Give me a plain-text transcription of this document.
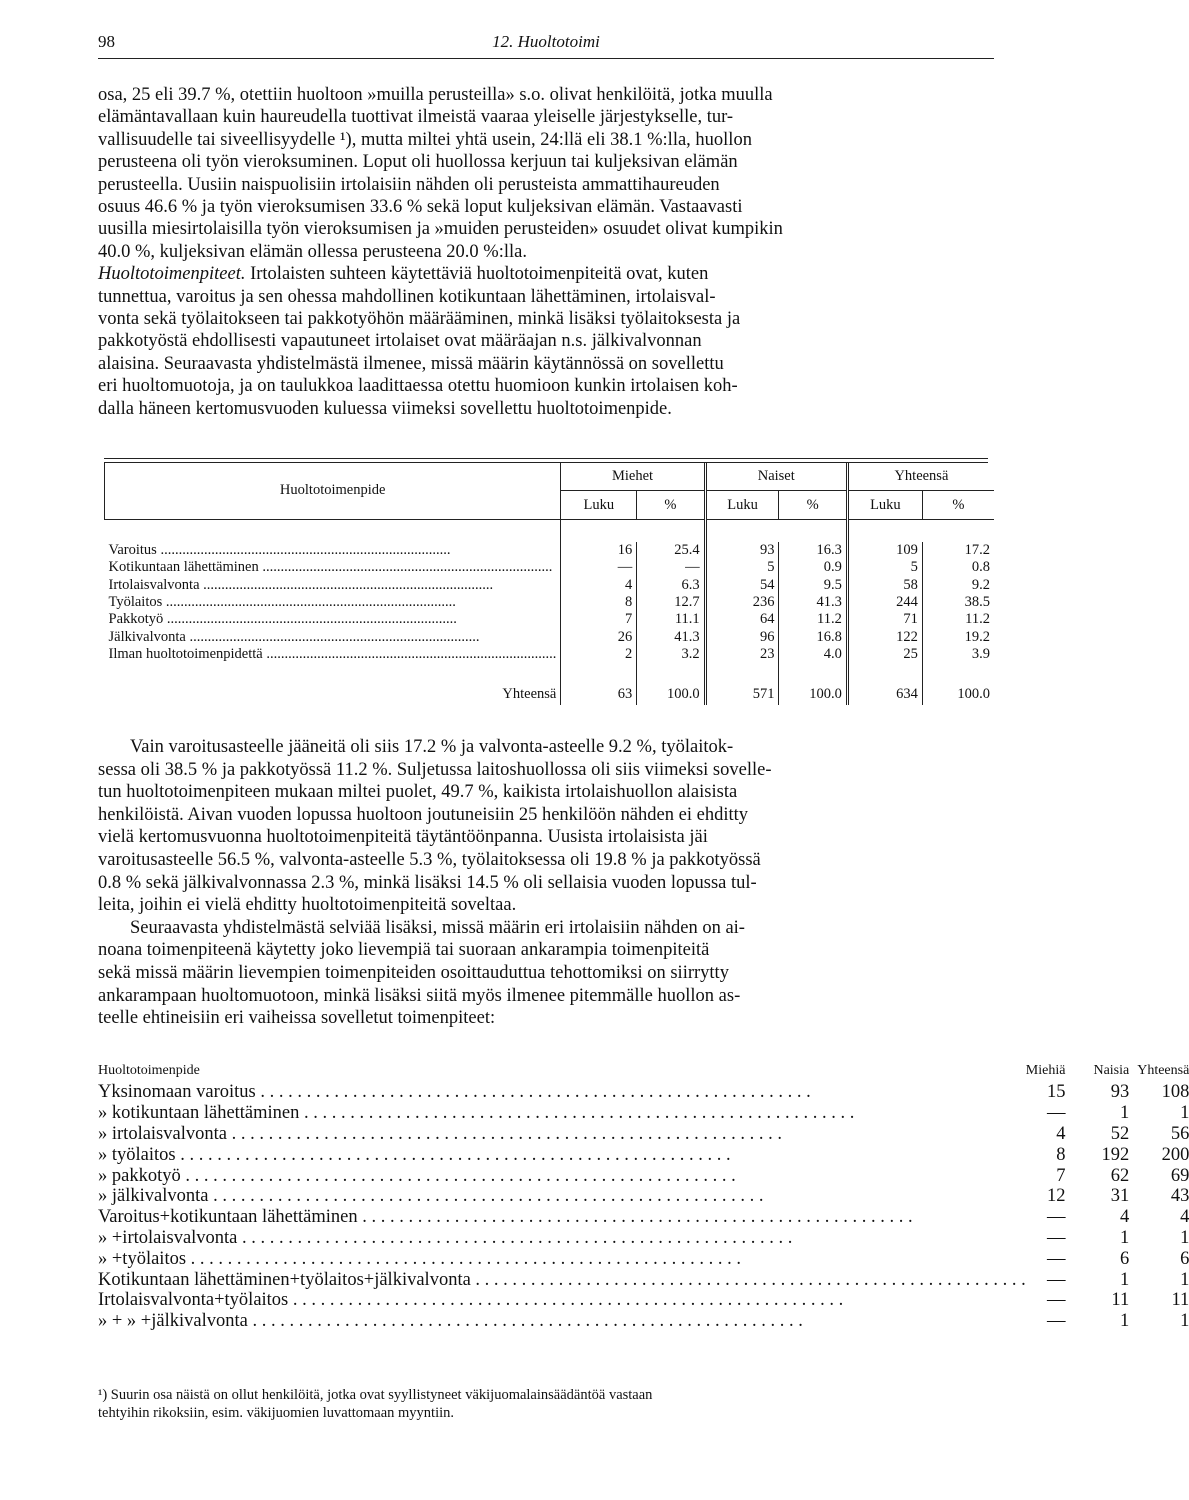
98	12. Huoltotoimi

osa, 25 eli 39.7 %, otettiin huoltoon »muilla perusteilla» s.o. olivat henkilöitä, jotka muulla

elämäntavallaan kuin haureudella tuottivat ilmeistä vaaraa yleiselle järjestykselle, tur-

vallisuudelle tai siveellisyydelle ¹), mutta miltei yhtä usein, 24:llä eli 38.1 %:lla, huollon

perusteena oli työn vieroksuminen. Loput oli huollossa kerjuun tai kuljeksivan elämän

perusteella. Uusiin naispuolisiin irtolaisiin nähden oli perusteista ammattihaureuden

osuus 46.6 % ja työn vieroksumisen 33.6 % sekä loput kuljeksivan elämän. Vastaavasti

uusilla miesirtolaisilla työn vieroksumisen ja »muiden perusteiden» osuudet olivat kumpikin

40.0 %, kuljeksivan elämän ollessa perusteena 20.0 %:lla.

Huoltotoimenpiteet. Irtolaisten suhteen käytettäviä huoltotoimenpiteitä ovat, kuten

tunnettua, varoitus ja sen ohessa mahdollinen kotikuntaan lähettäminen, irtolaisval-

vonta sekä työlaitokseen tai pakkotyöhön määrääminen, minkä lisäksi työlaitoksesta ja

pakkotyöstä ehdollisesti vapautuneet irtolaiset ovat määräajan n.s. jälkivalvonnan

alaisina. Seuraavasta yhdistelmästä ilmenee, missä määrin käytännössä on sovellettu

eri huoltomuotoja, ja on taulukkoa laadittaessa otettu huomioon kunkin irtolaisen koh-

dalla häneen kertomusvuoden kuluessa viimeksi sovellettu huoltotoimenpide.

Huoltotoimenpide	Miehet		Naiset		Yhteensä	
	Luku	%	Luku	%	Luku	%

Varoitus ................................................................................	16	25.4	93	16.3	109	17.2
Kotikuntaan lähettäminen ................................................................................	—	—	5	0.9	5	0.8
Irtolaisvalvonta ................................................................................	4	6.3	54	9.5	58	9.2
Työlaitos ................................................................................	8	12.7	236	41.3	244	38.5
Pakkotyö ................................................................................	7	11.1	64	11.2	71	11.2
Jälkivalvonta ................................................................................	26	41.3	96	16.8	122	19.2
Ilman huoltotoimenpidettä ................................................................................	2	3.2	23	4.0	25	3.9
Yhteensä	63	100.0	571	100.0	634	100.0

Vain varoitusasteelle jääneitä oli siis 17.2 % ja valvonta-asteelle 9.2 %, työlaitok-

sessa oli 38.5 % ja pakkotyössä 11.2 %. Suljetussa laitoshuollossa oli siis viimeksi sovelle-

tun huoltotoimenpiteen mukaan miltei puolet, 49.7 %, kaikista irtolaishuollon alaisista

henkilöistä. Aivan vuoden lopussa huoltoon joutuneisiin 25 henkilöön nähden ei ehditty

vielä kertomusvuonna huoltotoimenpiteitä täytäntöönpanna. Uusista irtolaisista jäi

varoitusasteelle 56.5 %, valvonta-asteelle 5.3 %, työlaitoksessa oli 19.8 % ja pakkotyössä

0.8 % sekä jälkivalvonnassa 2.3 %, minkä lisäksi 14.5 % oli sellaisia vuoden lopussa tul-

leita, joihin ei vielä ehditty huoltotoimenpiteitä soveltaa.

Seuraavasta yhdistelmästä selviää lisäksi, missä määrin eri irtolaisiin nähden on ai-

noana toimenpiteenä käytetty joko lievempiä tai suoraan ankarampia toimenpiteitä

sekä missä määrin lievempien toimenpiteiden osoittauduttua tehottomiksi on siirrytty

ankarampaan huoltomuotoon, minkä lisäksi siitä myös ilmenee pitemmälle huollon as-

teelle ehtineisiin eri vaiheissa sovelletut toimenpiteet:

Huoltotoimenpide	Miehiä	Naisia	Yhteensä
Yksinomaan varoitus . . . . . . . . . . . . . . . . . . . . . . . . . . . . . . . . . . . . . . . . . . . . . . . . . . . . . . . . . . . .	15	93	108
» kotikuntaan lähettäminen . . . . . . . . . . . . . . . . . . . . . . . . . . . . . . . . . . . . . . . . . . . . . . . . . . . . . . . . . . . .	—	1	1
» irtolaisvalvonta . . . . . . . . . . . . . . . . . . . . . . . . . . . . . . . . . . . . . . . . . . . . . . . . . . . . . . . . . . . .	4	52	56
» työlaitos . . . . . . . . . . . . . . . . . . . . . . . . . . . . . . . . . . . . . . . . . . . . . . . . . . . . . . . . . . . .	8	192	200
» pakkotyö . . . . . . . . . . . . . . . . . . . . . . . . . . . . . . . . . . . . . . . . . . . . . . . . . . . . . . . . . . . .	7	62	69
» jälkivalvonta . . . . . . . . . . . . . . . . . . . . . . . . . . . . . . . . . . . . . . . . . . . . . . . . . . . . . . . . . . . .	12	31	43
Varoitus+kotikuntaan lähettäminen . . . . . . . . . . . . . . . . . . . . . . . . . . . . . . . . . . . . . . . . . . . . . . . . . . . . . . . . . . . .	—	4	4
» +irtolaisvalvonta . . . . . . . . . . . . . . . . . . . . . . . . . . . . . . . . . . . . . . . . . . . . . . . . . . . . . . . . . . . .	—	1	1
» +työlaitos . . . . . . . . . . . . . . . . . . . . . . . . . . . . . . . . . . . . . . . . . . . . . . . . . . . . . . . . . . . .	—	6	6
Kotikuntaan lähettäminen+työlaitos+jälkivalvonta . . . . . . . . . . . . . . . . . . . . . . . . . . . . . . . . . . . . . . . . . . . . . . . . . . . . . . . . . . . .	—	1	1
Irtolaisvalvonta+työlaitos . . . . . . . . . . . . . . . . . . . . . . . . . . . . . . . . . . . . . . . . . . . . . . . . . . . . . . . . . . . .	—	11	11
» + » +jälkivalvonta . . . . . . . . . . . . . . . . . . . . . . . . . . . . . . . . . . . . . . . . . . . . . . . . . . . . . . . . . . . .	—	1	1

¹) Suurin osa näistä on ollut henkilöitä, jotka ovat syyllistyneet väkijuomalainsäädäntöä vastaan

tehtyihin rikoksiin, esim. väkijuomien luvattomaan myyntiin.
